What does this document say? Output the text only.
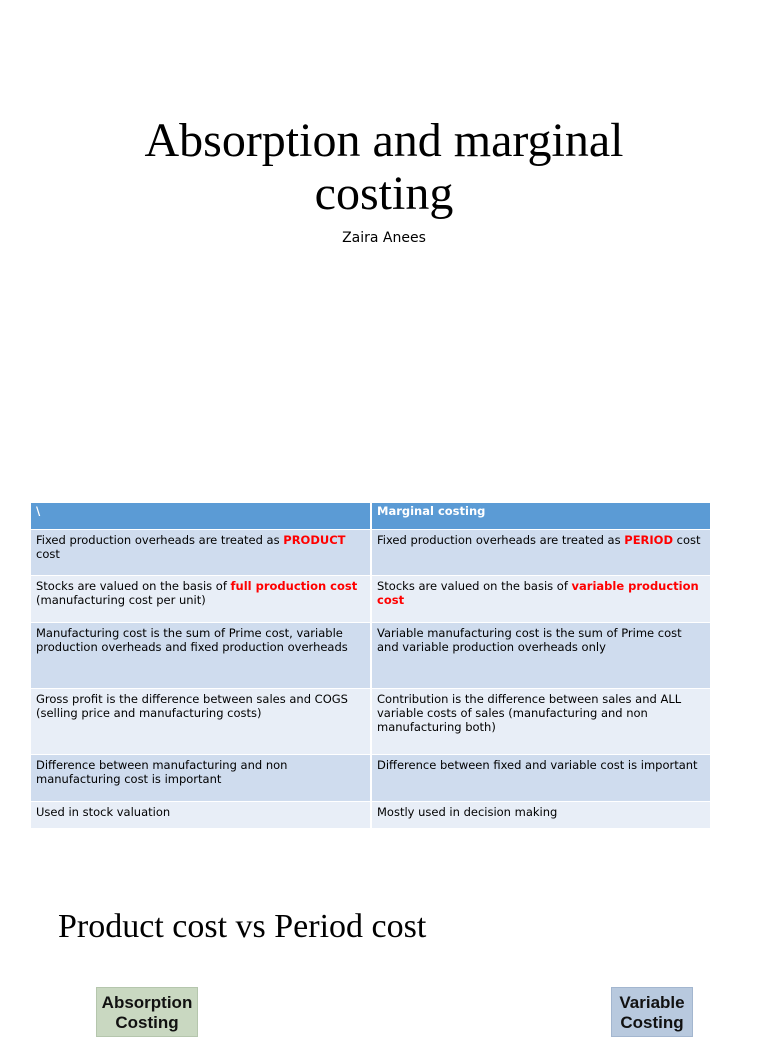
Absorption and marginal
costing
Zaira Anees
\	Marginal costing
Fixed production overheads are treated as PRODUCT cost	Fixed production overheads are treated as PERIOD cost
Stocks are valued on the basis of full production cost (manufacturing cost per unit)	Stocks are valued on the basis of variable production cost
Manufacturing cost is the sum of Prime cost, variable production overheads and fixed production overheads	Variable manufacturing cost is the sum of Prime cost and variable production overheads only
Gross profit is the difference between sales and COGS (selling price and manufacturing costs)	Contribution is the difference between sales and ALL variable costs of sales (manufacturing and non manufacturing both)
Difference between manufacturing and non manufacturing cost is important	Difference between fixed and variable cost is important
Used in stock valuation	Mostly used in decision making
Product cost vs Period cost
Absorption
Costing
Variable
Costing
